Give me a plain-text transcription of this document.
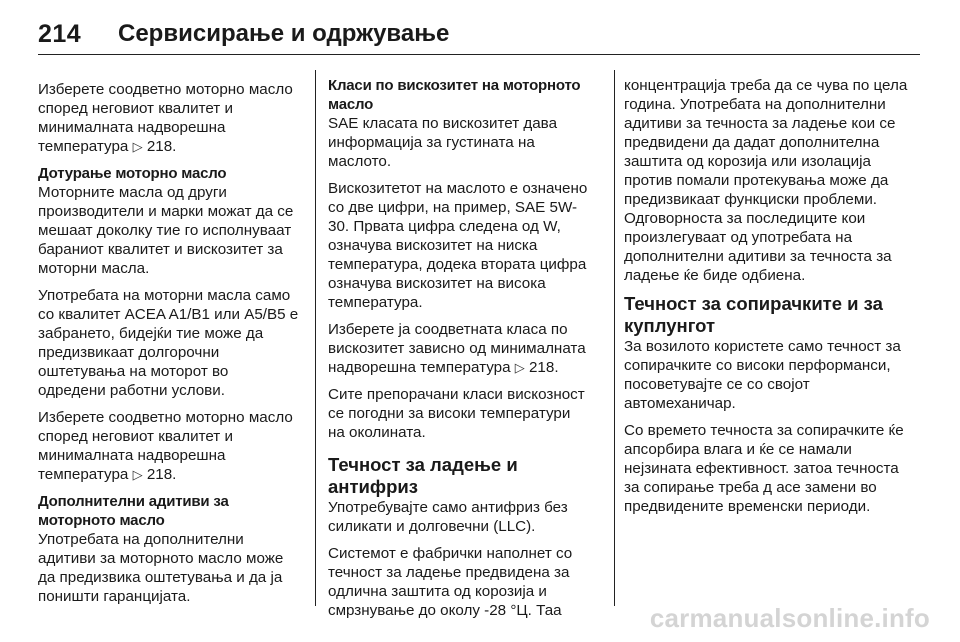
214	Сервисирање и одржување

Изберете соодветно моторно масло според неговиот квалитет и минималната надворешна температура ▷ 218.

Дотурање моторно масло

Моторните масла од други производители и марки можат да се мешаат доколку тие го исполнуваат бараниот квалитет и вискозитет за моторни масла.

Употребата на моторни масла само со квалитет ACEA A1/B1 или A5/B5 е забрането, бидејќи тие може да предизвикаат долгорочни оштетувања на моторот во одредени работни услови.

Изберете соодветно моторно масло според неговиот квалитет и минималната надворешна температура ▷ 218.

Дополнителни адитиви за моторното масло

Употребата на дополнителни адитиви за моторното масло може да предизвика оштетувања и да ја поништи гаранцијата.

Класи по вискозитет на моторното масло

SAE класата по вискозитет дава информација за густината на маслото.

Вискозитетот на маслото е означено со две цифри, на пример, SAE 5W-30. Првата цифра следена од W, означува вискозитет на ниска температура, додека втората цифра означува вискозитет на висока температура.

Изберете ја соодветната класа по вискозитет зависно од минималната надворешна температура ▷ 218.

Сите препорачани класи вискозност се погодни за високи температури на околината.

Течност за ладење и антифриз

Употребувајте само антифриз без силикати и долговечни (LLC).

Системот е фабрички наполнет со течност за ладење предвидена за одлична заштита од корозија и смрзнување до околу -28 °Ц. Таа

концентрација треба да се чува по цела година. Употребата на дополнителни адитиви за течноста за ладење кои се предвидени да дадат дополнителна заштита од корозија или изолација против помали протекувања може да предизвикаат функциски проблеми. Одговорноста за последиците кои произлегуваат од употребата на дополнителни адитиви за течноста за ладење ќе биде одбиена.

Течност за сопирачките и за куплунгот

За возилото користете само течност за сопирачките со високи перформанси, посоветувајте се со својот автомеханичар.

Со времето течноста за сопирачките ќе апсорбира влага и ќе се намали нејзината ефективност. затоа течноста за сопирање треба д асе замени во предвидените временски периоди.

carmanualsonline.info
